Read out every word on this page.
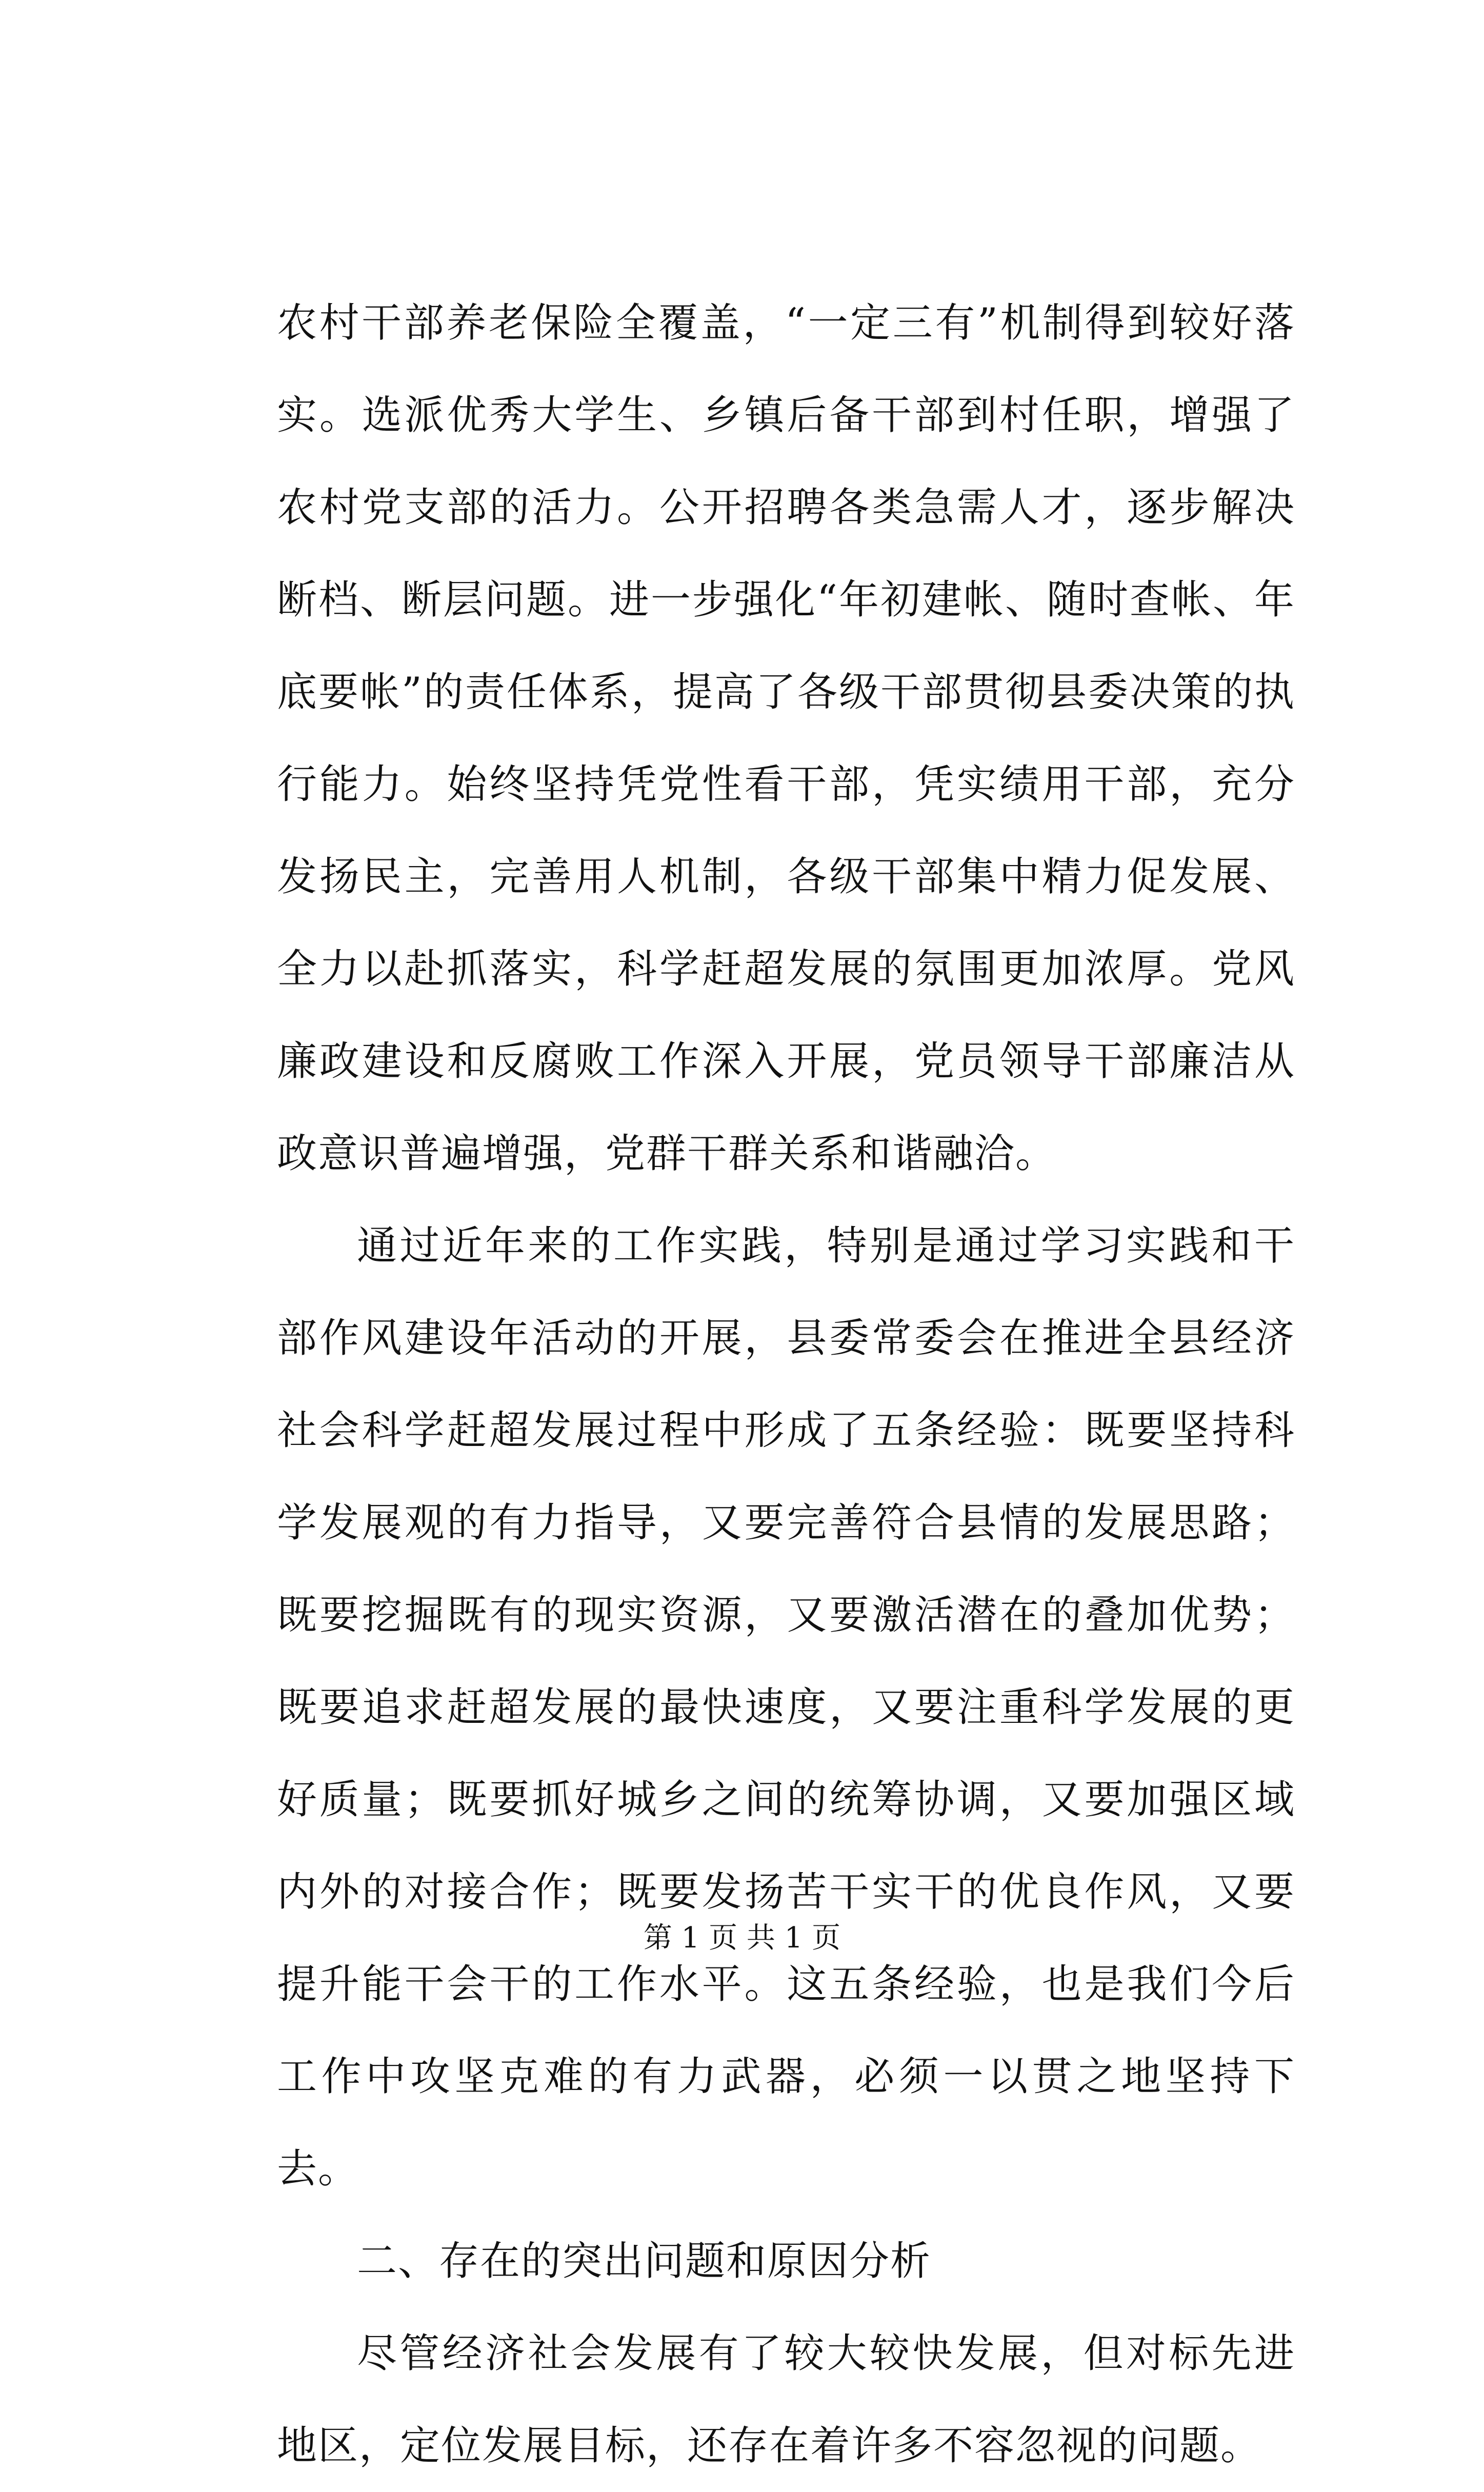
农村干部养老保险全覆盖，“一定三有”机制得到较好落实。选派优秀大学生、乡镇后备干部到村任职，增强了农村党支部的活力。公开招聘各类急需人才，逐步解决断档、断层问题。进一步强化“年初建帐、随时查帐、年底要帐”的责任体系，提高了各级干部贯彻县委决策的执行能力。始终坚持凭党性看干部，凭实绩用干部，充分发扬民主，完善用人机制，各级干部集中精力促发展、全力以赴抓落实，科学赶超发展的氛围更加浓厚。党风廉政建设和反腐败工作深入开展，党员领导干部廉洁从政意识普遍增强，党群干群关系和谐融洽。

通过近年来的工作实践，特别是通过学习实践和干部作风建设年活动的开展，县委常委会在推进全县经济社会科学赶超发展过程中形成了五条经验：既要坚持科学发展观的有力指导，又要完善符合县情的发展思路；既要挖掘既有的现实资源，又要激活潜在的叠加优势；既要追求赶超发展的最快速度，又要注重科学发展的更好质量；既要抓好城乡之间的统筹协调，又要加强区域内外的对接合作；既要发扬苦干实干的优良作风，又要提升能干会干的工作水平。这五条经验，也是我们今后工作中攻坚克难的有力武器，必须一以贯之地坚持下去。

二、存在的突出问题和原因分析

尽管经济社会发展有了较大较快发展，但对标先进地区，定位发展目标，还存在着许多不容忽视的问题。

第 1 页 共 1 页
